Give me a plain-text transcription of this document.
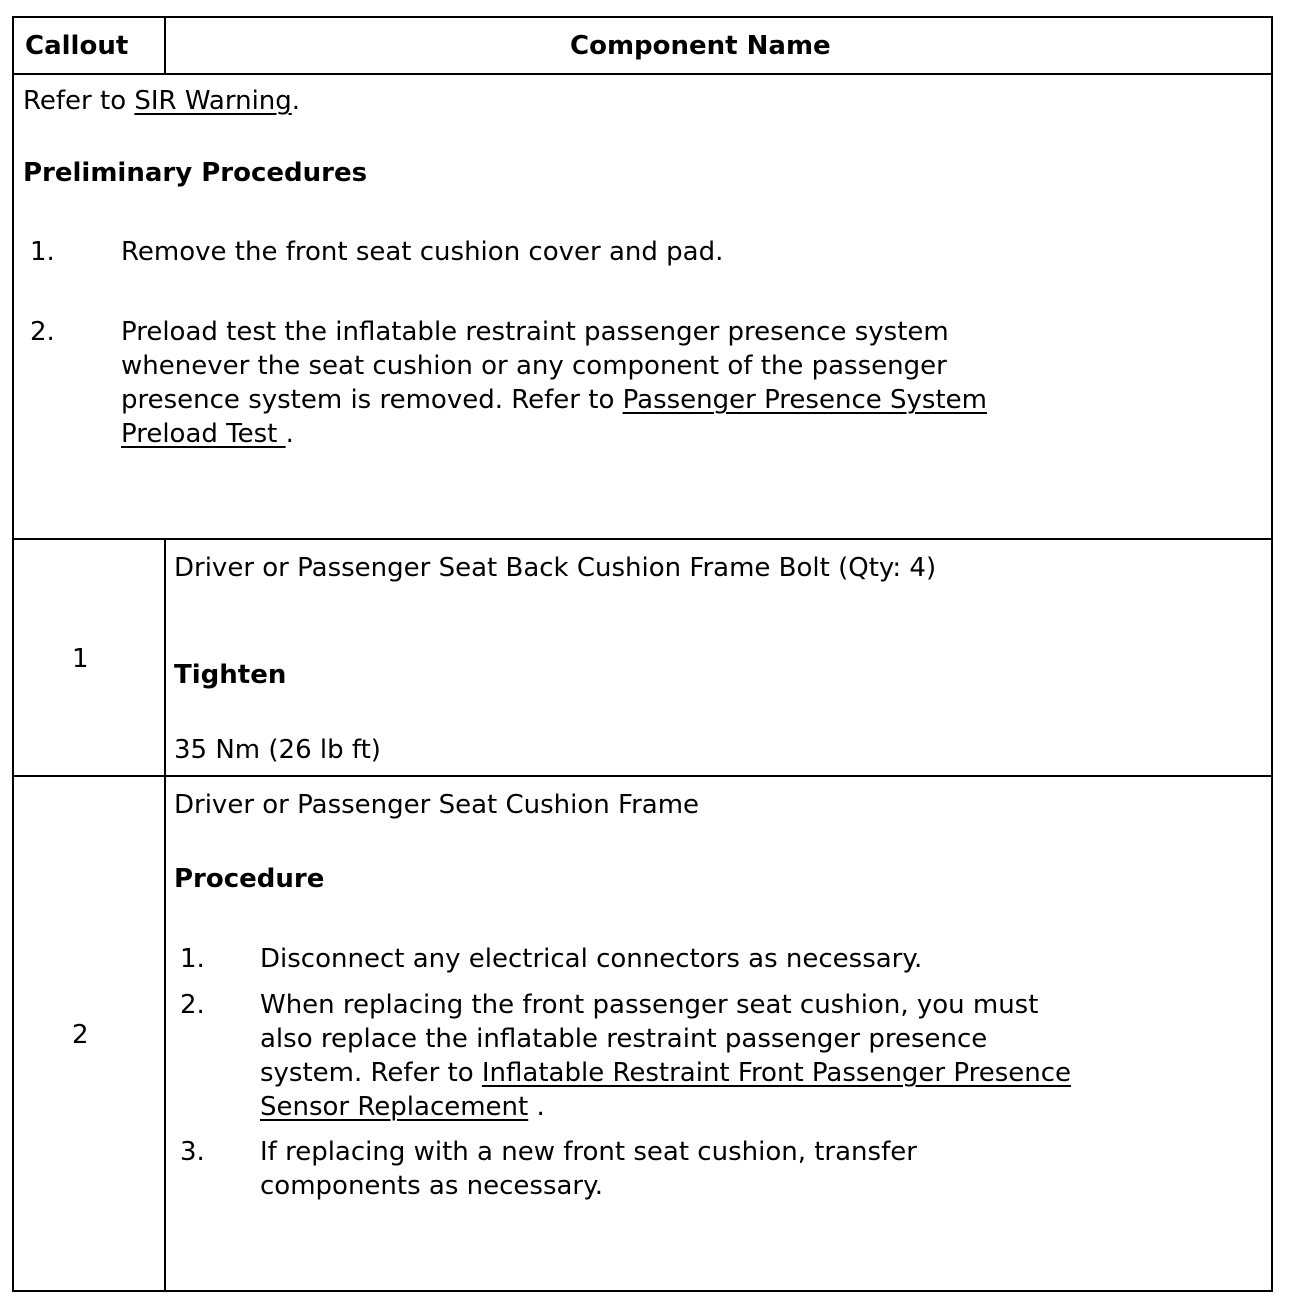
Callout	Component Name
Refer to SIR Warning.
Preliminary Procedures
1.	Remove the front seat cushion cover and pad.
2.	Preload test the inflatable restraint passenger presence system
whenever the seat cushion or any component of the passenger
presence system is removed. Refer to Passenger Presence System
Preload Test .
1
Driver or Passenger Seat Back Cushion Frame Bolt (Qty: 4)
Tighten
35 Nm (26 lb ft)
2
Driver or Passenger Seat Cushion Frame
Procedure
1. Disconnect any electrical connectors as necessary.
2. When replacing the front passenger seat cushion, you must
also replace the inflatable restraint passenger presence
system. Refer to Inflatable Restraint Front Passenger Presence
Sensor Replacement .
3. If replacing with a new front seat cushion, transfer
components as necessary.
